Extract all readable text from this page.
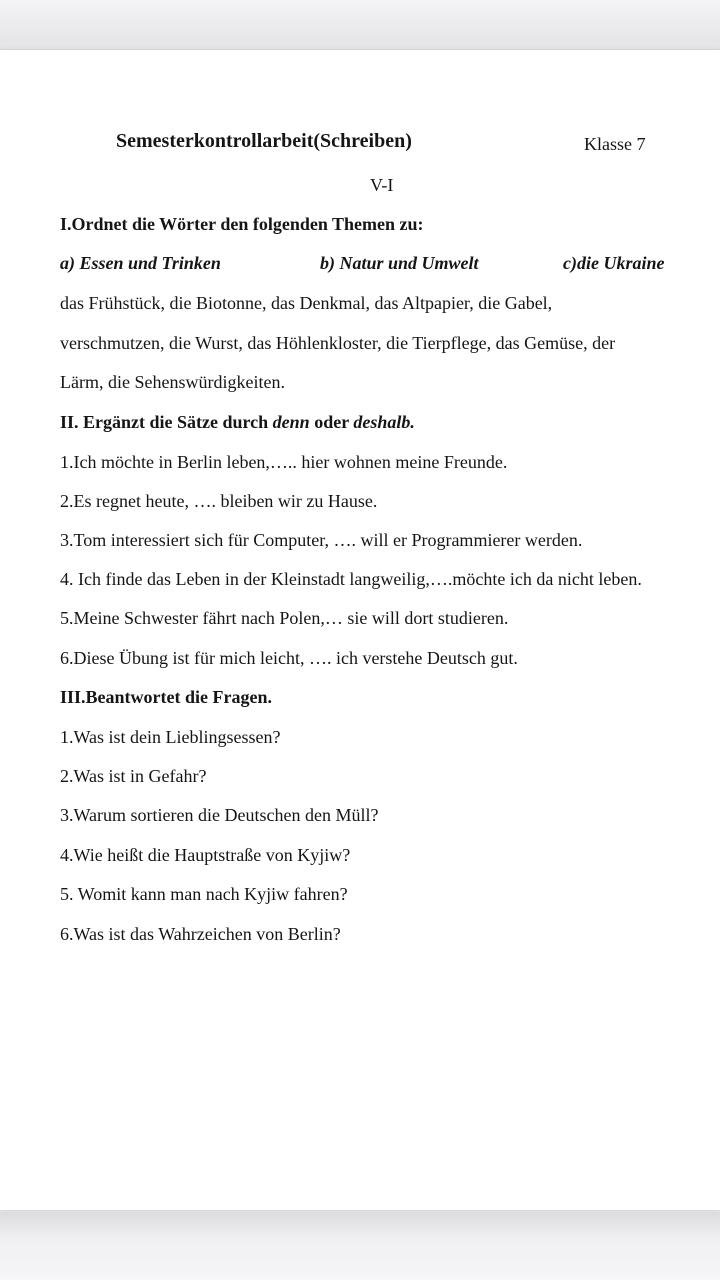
Semesterkontrollarbeit(Schreiben)	Klasse 7
V-I
I.Ordnet die Wörter den folgenden Themen zu:
a) Essen und Trinken	b) Natur und Umwelt	c)die Ukraine
das Frühstück, die Biotonne, das Denkmal, das Altpapier, die Gabel,
verschmutzen, die Wurst, das Höhlenkloster, die Tierpflege, das Gemüse, der
Lärm, die Sehenswürdigkeiten.
II. Ergänzt die Sätze durch denn oder deshalb.
1.Ich möchte in Berlin leben,….. hier wohnen meine Freunde.
2.Es regnet heute, …. bleiben wir zu Hause.
3.Tom interessiert sich für Computer, …. will er Programmierer werden.
4. Ich finde das Leben in der Kleinstadt langweilig,….möchte ich da nicht leben.
5.Meine Schwester fährt nach Polen,… sie will dort studieren.
6.Diese Übung ist für mich leicht, …. ich verstehe Deutsch gut.
III.Beantwortet die Fragen.
1.Was ist dein Lieblingsessen?
2.Was ist in Gefahr?
3.Warum sortieren die Deutschen den Müll?
4.Wie heißt die Hauptstraße von Kyjiw?
5. Womit kann man nach Kyjiw fahren?
6.Was ist das Wahrzeichen von Berlin?
